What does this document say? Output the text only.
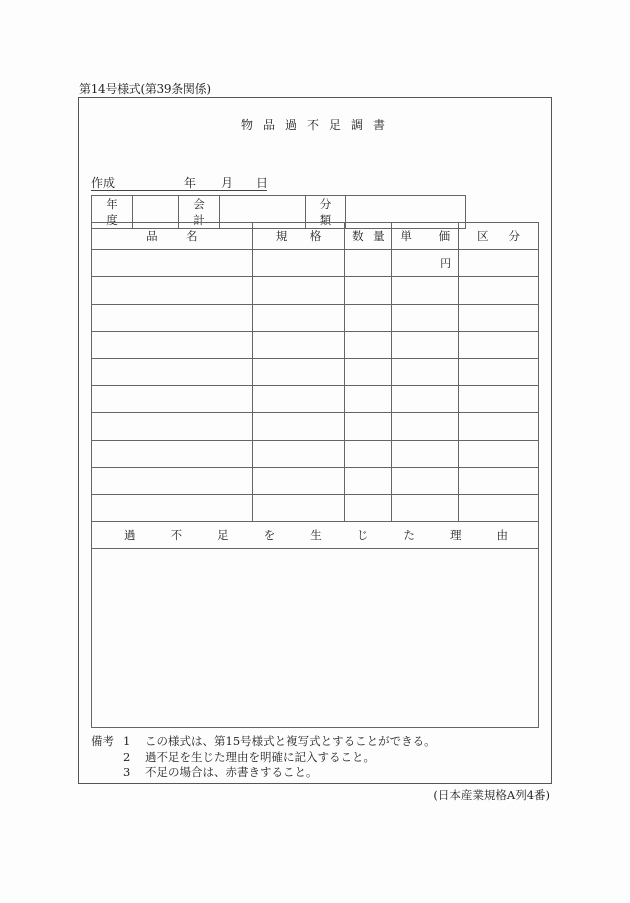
第14号様式(第39条関係)
物品過不足調書
作成	年 月 日
年度		会計		分類	
品 名	規 格	数 量	単 価	区 分

			円	

過	不	足	を	生	じ	た	理	由

備考 1	この様式は、第15号様式と複写式とすることができる。
2	過不足を生じた理由を明確に記入すること。
3	不足の場合は、赤書きすること。
(日本産業規格A列4番)
